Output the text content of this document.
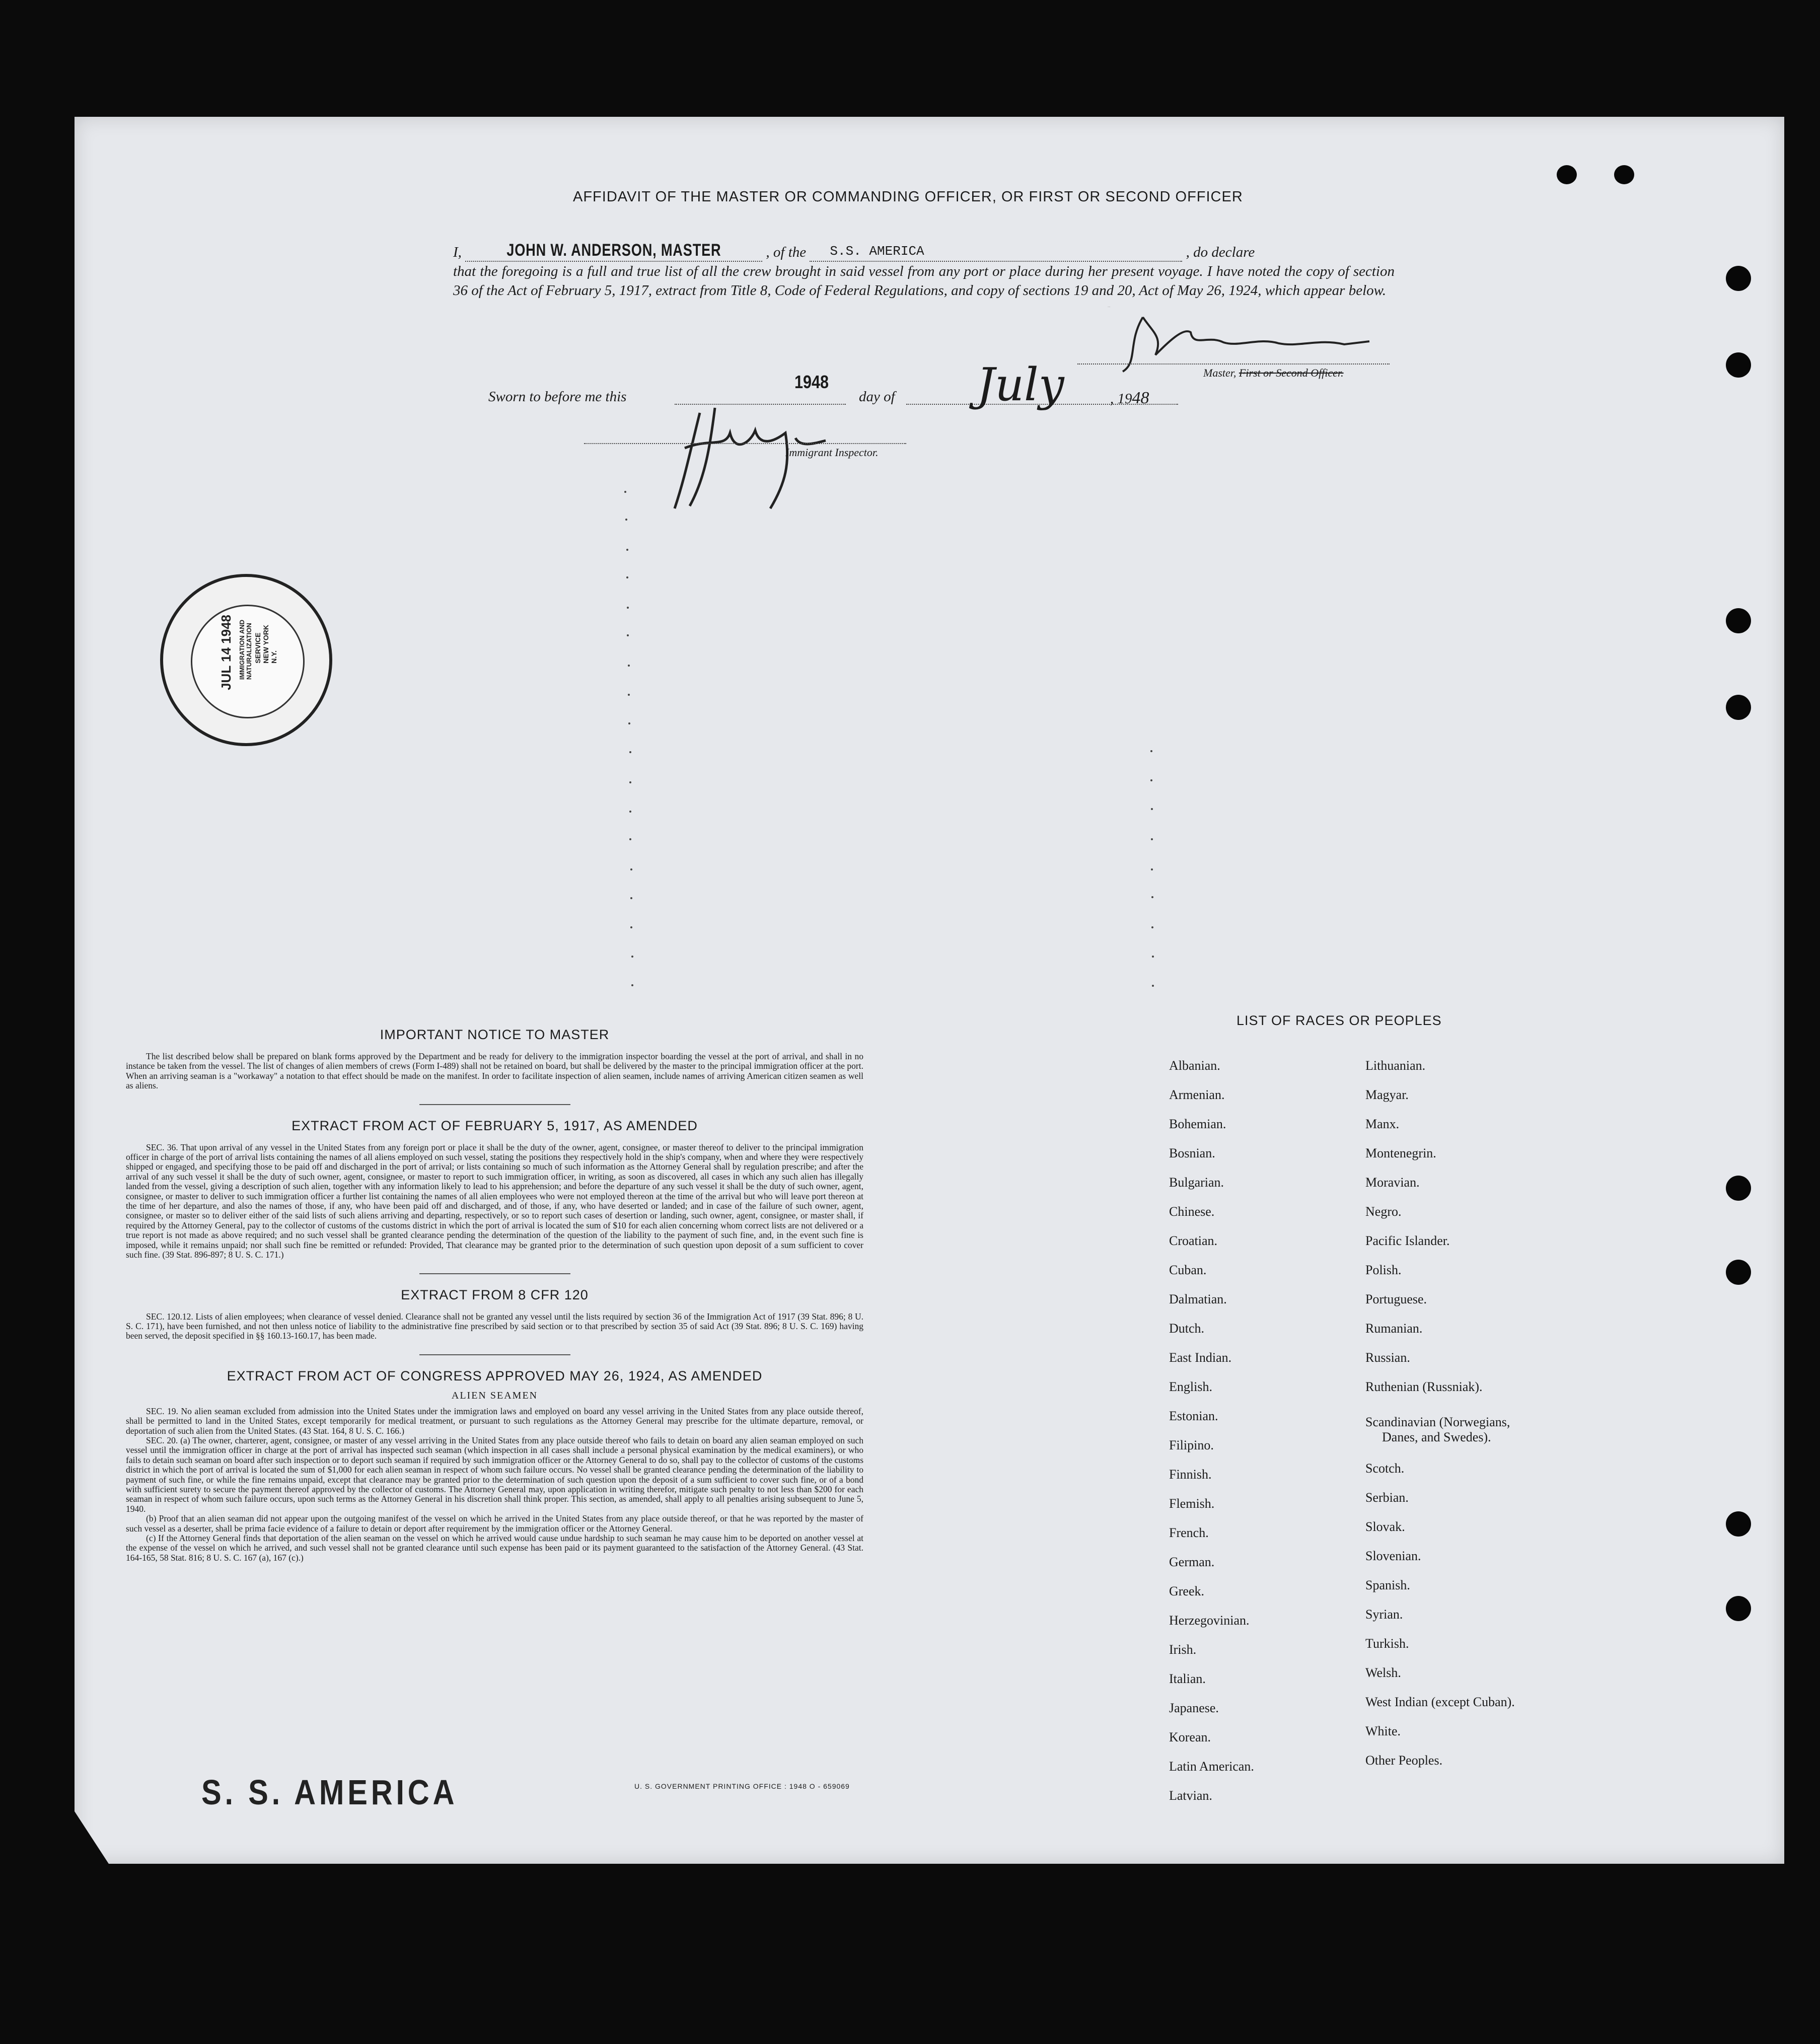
AFFIDAVIT OF THE MASTER OR COMMANDING OFFICER, OR FIRST OR SECOND OFFICER
I,	JOHN W. ANDERSON, MASTER	, of the S.S. AMERICA	, do declare
that the foregoing is a full and true list of all the crew brought in said vessel from any port or place during her present voyage. I have noted the copy of section 36 of the Act of February 5, 1917, extract from Title 8, Code of Federal Regulations, and copy of sections 19 and 20, Act of May 26, 1924, which appear below.
JWAnderson
Master, First or Second Officer.
Sworn to before me this
1948
day of July	, 1948
Immigrant Inspector.
JUL 14 1948 IMMIGRATION AND
NATURALIZATION SERVICE
NEW YORK
N.Y.
IMPORTANT NOTICE TO MASTER
The list described below shall be prepared on blank forms approved by the Department and be ready for delivery to the immigration inspector boarding the vessel at the port of arrival, and shall in no instance be taken from the vessel. The list of changes of alien members of crews (Form I-489) shall not be retained on board, but shall be delivered by the master to the principal immigration officer at the port. When an arriving seaman is a "workaway" a notation to that effect should be made on the manifest. In order to facilitate inspection of alien seamen, include names of arriving American citizen seamen as well as aliens.
EXTRACT FROM ACT OF FEBRUARY 5, 1917, AS AMENDED
SEC. 36. That upon arrival of any vessel in the United States from any foreign port or place it shall be the duty of the owner, agent, consignee, or master thereof to deliver to the principal immigration officer in charge of the port of arrival lists containing the names of all aliens employed on such vessel, stating the positions they respectively hold in the ship's company, when and where they were respectively shipped or engaged, and specifying those to be paid off and discharged in the port of arrival; or lists containing so much of such information as the Attorney General shall by regulation prescribe; and after the arrival of any such vessel it shall be the duty of such owner, agent, consignee, or master to report to such immigration officer, in writing, as soon as discovered, all cases in which any such alien has illegally landed from the vessel, giving a description of such alien, together with any information likely to lead to his apprehension; and before the departure of any such vessel it shall be the duty of such owner, agent, consignee, or master to deliver to such immigration officer a further list containing the names of all alien employees who were not employed thereon at the time of the arrival but who will leave port thereon at the time of her departure, and also the names of those, if any, who have been paid off and discharged, and of those, if any, who have deserted or landed; and in case of the failure of such owner, agent, consignee, or master so to deliver either of the said lists of such aliens arriving and departing, respectively, or so to report such cases of desertion or landing, such owner, agent, consignee, or master shall, if required by the Attorney General, pay to the collector of customs of the customs district in which the port of arrival is located the sum of $10 for each alien concerning whom correct lists are not delivered or a true report is not made as above required; and no such vessel shall be granted clearance pending the determination of the question of the liability to the payment of such fine, and, in the event such fine is imposed, while it remains unpaid; nor shall such fine be remitted or refunded: Provided, That clearance may be granted prior to the determination of such question upon deposit of a sum sufficient to cover such fine. (39 Stat. 896-897; 8 U. S. C. 171.)
EXTRACT FROM 8 CFR 120
SEC. 120.12. Lists of alien employees; when clearance of vessel denied. Clearance shall not be granted any vessel until the lists required by section 36 of the Immigration Act of 1917 (39 Stat. 896; 8 U. S. C. 171), have been furnished, and not then unless notice of liability to the administrative fine prescribed by said section or to that prescribed by section 35 of said Act (39 Stat. 896; 8 U. S. C. 169) having been served, the deposit specified in §§ 160.13-160.17, has been made.
EXTRACT FROM ACT OF CONGRESS APPROVED MAY 26, 1924, AS AMENDED
ALIEN SEAMEN
SEC. 19. No alien seaman excluded from admission into the United States under the immigration laws and employed on board any vessel arriving in the United States from any place outside thereof, shall be permitted to land in the United States, except temporarily for medical treatment, or pursuant to such regulations as the Attorney General may prescribe for the ultimate departure, removal, or deportation of such alien from the United States. (43 Stat. 164, 8 U. S. C. 166.)
SEC. 20. (a) The owner, charterer, agent, consignee, or master of any vessel arriving in the United States from any place outside thereof who fails to detain on board any alien seaman employed on such vessel until the immigration officer in charge at the port of arrival has inspected such seaman (which inspection in all cases shall include a personal physical examination by the medical examiners), or who fails to detain such seaman on board after such inspection or to deport such seaman if required by such immigration officer or the Attorney General to do so, shall pay to the collector of customs of the customs district in which the port of arrival is located the sum of $1,000 for each alien seaman in respect of whom such failure occurs. No vessel shall be granted clearance pending the determination of the liability to payment of such fine, or while the fine remains unpaid, except that clearance may be granted prior to the determination of such question upon the deposit of a sum sufficient to cover such fine, or of a bond with sufficient surety to secure the payment thereof approved by the collector of customs. The Attorney General may, upon application in writing therefor, mitigate such penalty to not less than $200 for each seaman in respect of whom such failure occurs, upon such terms as the Attorney General in his discretion shall think proper. This section, as amended, shall apply to all penalties arising subsequent to June 5, 1940.
(b) Proof that an alien seaman did not appear upon the outgoing manifest of the vessel on which he arrived in the United States from any place outside thereof, or that he was reported by the master of such vessel as a deserter, shall be prima facie evidence of a failure to detain or deport after requirement by the immigration officer or the Attorney General.
(c) If the Attorney General finds that deportation of the alien seaman on the vessel on which he arrived would cause undue hardship to such seaman he may cause him to be deported on another vessel at the expense of the vessel on which he arrived, and such vessel shall not be granted clearance until such expense has been paid or its payment guaranteed to the satisfaction of the Attorney General. (43 Stat. 164-165, 58 Stat. 816; 8 U. S. C. 167 (a), 167 (c).)
S. S. AMERICA	U. S. GOVERNMENT PRINTING OFFICE : 1948 O - 659069
LIST OF RACES OR PEOPLES
Albanian.
Armenian.
Bohemian.
Bosnian.
Bulgarian.
Chinese.
Croatian.
Cuban.
Dalmatian.
Dutch.
East Indian.
English.
Estonian.
Filipino.
Finnish.
Flemish.
French.
German.
Greek.
Herzegovinian.
Irish.
Italian.
Japanese.
Korean.
Latin American.
Latvian.
Lithuanian.
Magyar.
Manx.
Montenegrin.
Moravian.
Negro.
Pacific Islander.
Polish.
Portuguese.
Rumanian.
Russian.
Ruthenian (Russniak).
Scandinavian (Norwegians,
Danes, and Swedes).
Scotch.
Serbian.
Slovak.
Slovenian.
Spanish.
Syrian.
Turkish.
Welsh.
West Indian (except Cuban).
White.
Other Peoples.
